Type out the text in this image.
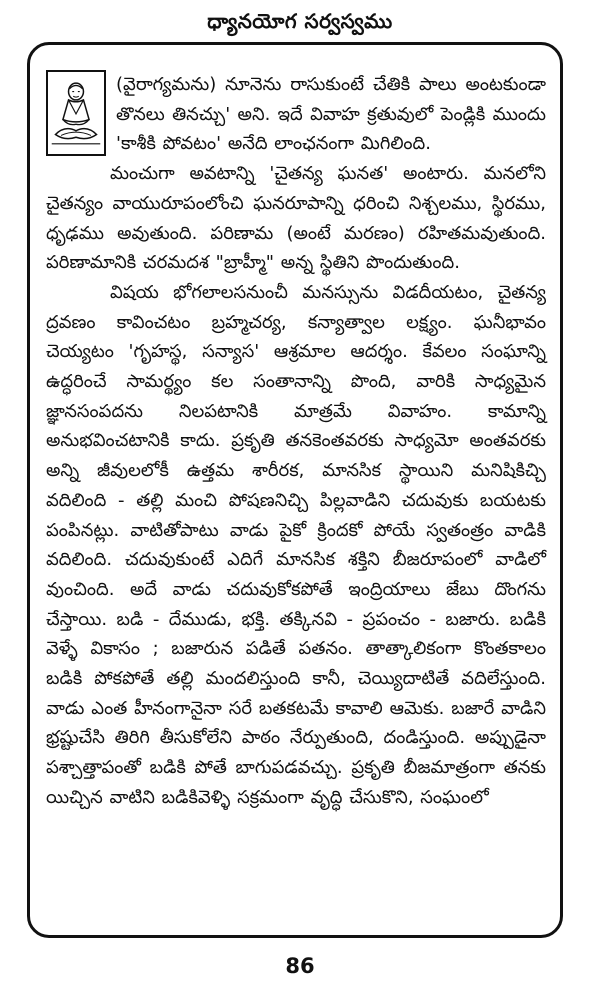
ధ్యానయోగ సర్వస్వము

(వైరాగ్యమను) నూనెను రాసుకుంటే చేతికి పాలు అంటకుండా తొనలు తినచ్చు' అని. ఇదే వివాహ క్రతువులో పెండ్లికి ముందు 'కాశీకి పోవటం' అనేది లాంఛనంగా మిగిలింది.

మంచుగా అవటాన్ని 'చైతన్య ఘనత' అంటారు. మనలోని చైతన్యం వాయురూపంలోంచి ఘనరూపాన్ని ధరించి నిశ్చలము, స్థిరము, ధృఢము అవుతుంది. పరిణామ (అంటే మరణం) రహితమవుతుంది. పరిణామానికి చరమదశ "బ్రాహ్మీ" అన్న స్థితిని పొందుతుంది.

విషయ భోగలాలసనుంచీ మనస్సును విడదీయటం, చైతన్య ద్రవణం కావించటం బ్రహ్మచర్య, కన్యాత్వాల లక్ష్యం. ఘనీభావం చెయ్యటం 'గృహస్థ, సన్యాస' ఆశ్రమాల ఆదర్శం. కేవలం సంఘాన్ని ఉద్ధరించే సామర్థ్యం కల సంతానాన్ని పొంది, వారికి సాధ్యమైన జ్ఞానసంపదను నిలపటానికి మాత్రమే వివాహం. కామాన్ని అనుభవించటానికి కాదు. ప్రకృతి తనకెంతవరకు సాధ్యమో అంతవరకు అన్ని జీవులలోకీ ఉత్తమ శారీరక, మానసిక స్థాయిని మనిషికిచ్చి వదిలింది - తల్లి మంచి పోషణనిచ్చి పిల్లవాడిని చదువుకు బయటకు పంపినట్లు. వాటితోపాటు వాడు పైకో క్రిందకో పోయే స్వతంత్రం వాడికి వదిలింది. చదువుకుంటే ఎదిగే మానసిక శక్తిని బీజరూపంలో వాడిలో వుంచింది. అదే వాడు చదువుకోకపోతే ఇంద్రియాలు జేబు దొంగను చేస్తాయి. బడి - దేముడు, భక్తి. తక్కినవి - ప్రపంచం - బజారు. బడికి వెళ్ళే వికాసం ; బజారున పడితే పతనం. తాత్కాలికంగా కొంతకాలం బడికి పోకపోతే తల్లి మందలిస్తుంది కానీ, చెయ్యిదాటితే వదిలేస్తుంది. వాడు ఎంత హీనంగానైనా సరే బతకటమే కావాలి ఆమెకు. బజారే వాడిని భ్రష్టుచేసి తిరిగి తీసుకోలేని పాఠం నేర్పుతుంది, దండిస్తుంది. అప్పుడైనా పశ్చాత్తాపంతో బడికి పోతే బాగుపడవచ్చు. ప్రకృతి బీజమాత్రంగా తనకు యిచ్చిన వాటిని బడికివెళ్ళి సక్రమంగా వృద్ధి చేసుకొని, సంఘంలో

86
